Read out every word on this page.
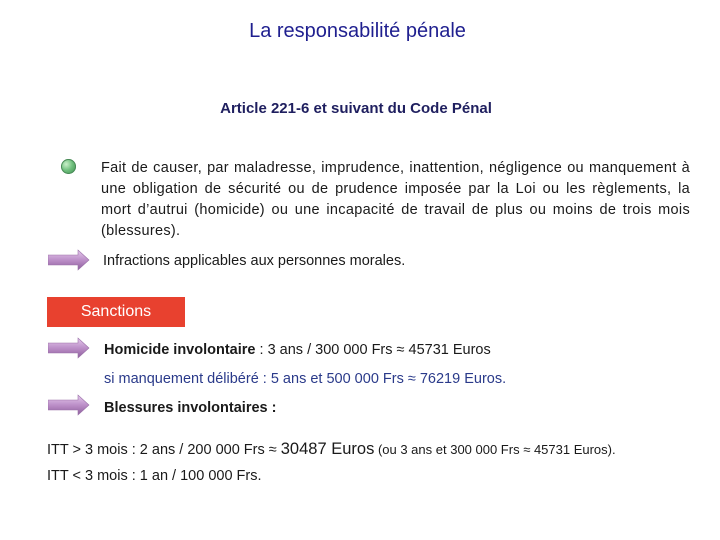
La responsabilité pénale
Article 221-6 et suivant du Code Pénal
Fait de causer, par maladresse, imprudence, inattention, négligence ou manquement à une obligation de sécurité ou de prudence imposée par la Loi ou les règlements, la mort d’autrui (homicide) ou une incapacité de travail de plus ou moins de trois mois (blessures).
Infractions applicables aux personnes morales.
Sanctions
Homicide involontaire : 3 ans / 300 000 Frs ≈ 45731 Euros
si manquement délibéré : 5 ans et 500 000 Frs ≈ 76219 Euros.
Blessures involontaires :
ITT > 3 mois : 2 ans / 200 000 Frs ≈ 30487 Euros (ou 3 ans et 300 000 Frs ≈ 45731 Euros).
ITT < 3 mois : 1 an / 100 000 Frs.
